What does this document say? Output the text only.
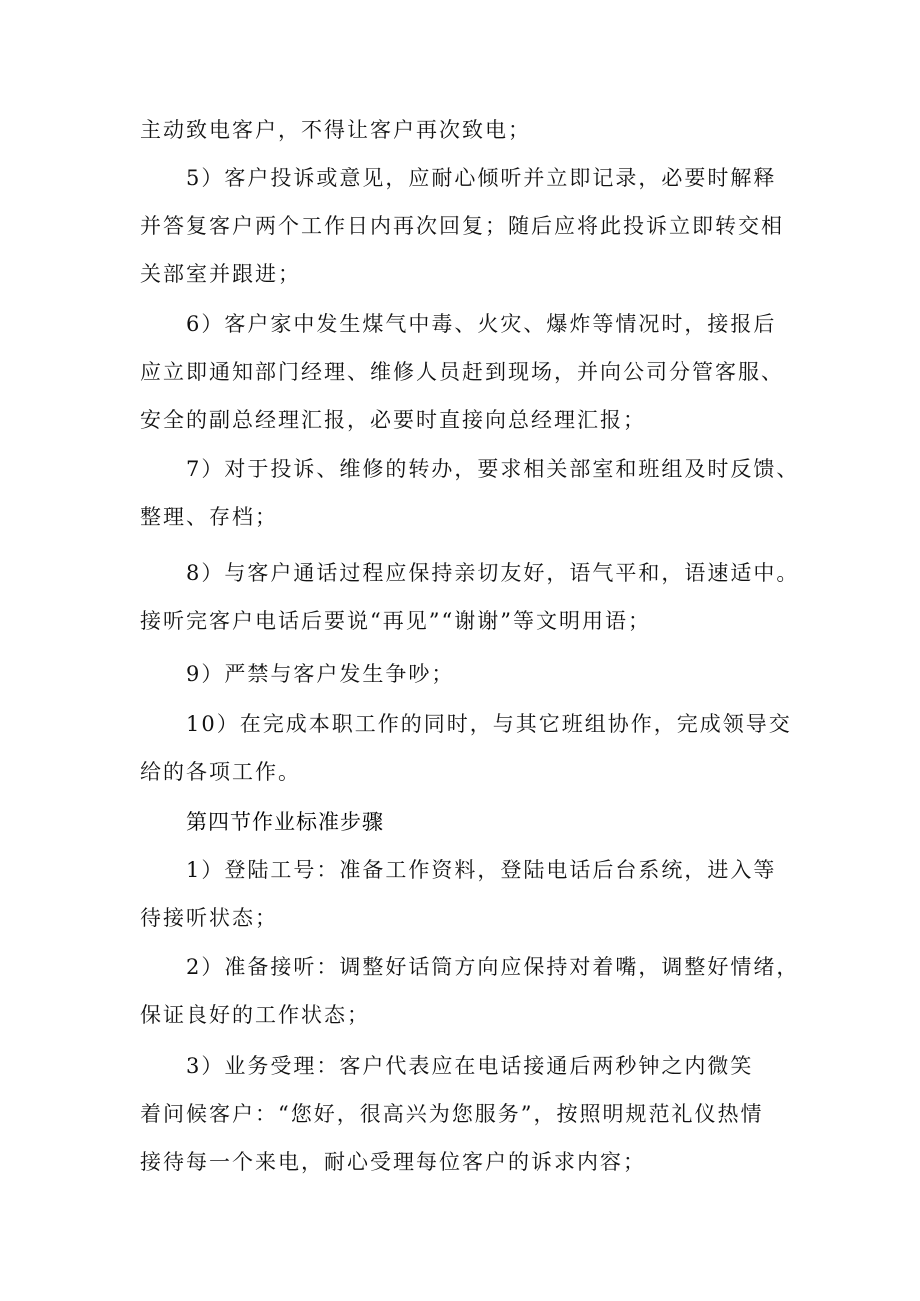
主动致电客户，不得让客户再次致电；

5）客户投诉或意见，应耐心倾听并立即记录，必要时解释

并答复客户两个工作日内再次回复；随后应将此投诉立即转交相

关部室并跟进；

6）客户家中发生煤气中毒、火灾、爆炸等情况时，接报后

应立即通知部门经理、维修人员赶到现场，并向公司分管客服、

安全的副总经理汇报，必要时直接向总经理汇报；

7）对于投诉、维修的转办，要求相关部室和班组及时反馈、

整理、存档；

8）与客户通话过程应保持亲切友好，语气平和，语速适中。

接听完客户电话后要说“再见”“谢谢”等文明用语；

9）严禁与客户发生争吵；

10）在完成本职工作的同时，与其它班组协作，完成领导交

给的各项工作。

第四节作业标准步骤

1）登陆工号：准备工作资料，登陆电话后台系统，进入等

待接听状态；

2）准备接听：调整好话筒方向应保持对着嘴，调整好情绪，

保证良好的工作状态；

3）业务受理：客户代表应在电话接通后两秒钟之内微笑

着问候客户：“您好，很高兴为您服务”，按照明规范礼仪热情

接待每一个来电，耐心受理每位客户的诉求内容；
